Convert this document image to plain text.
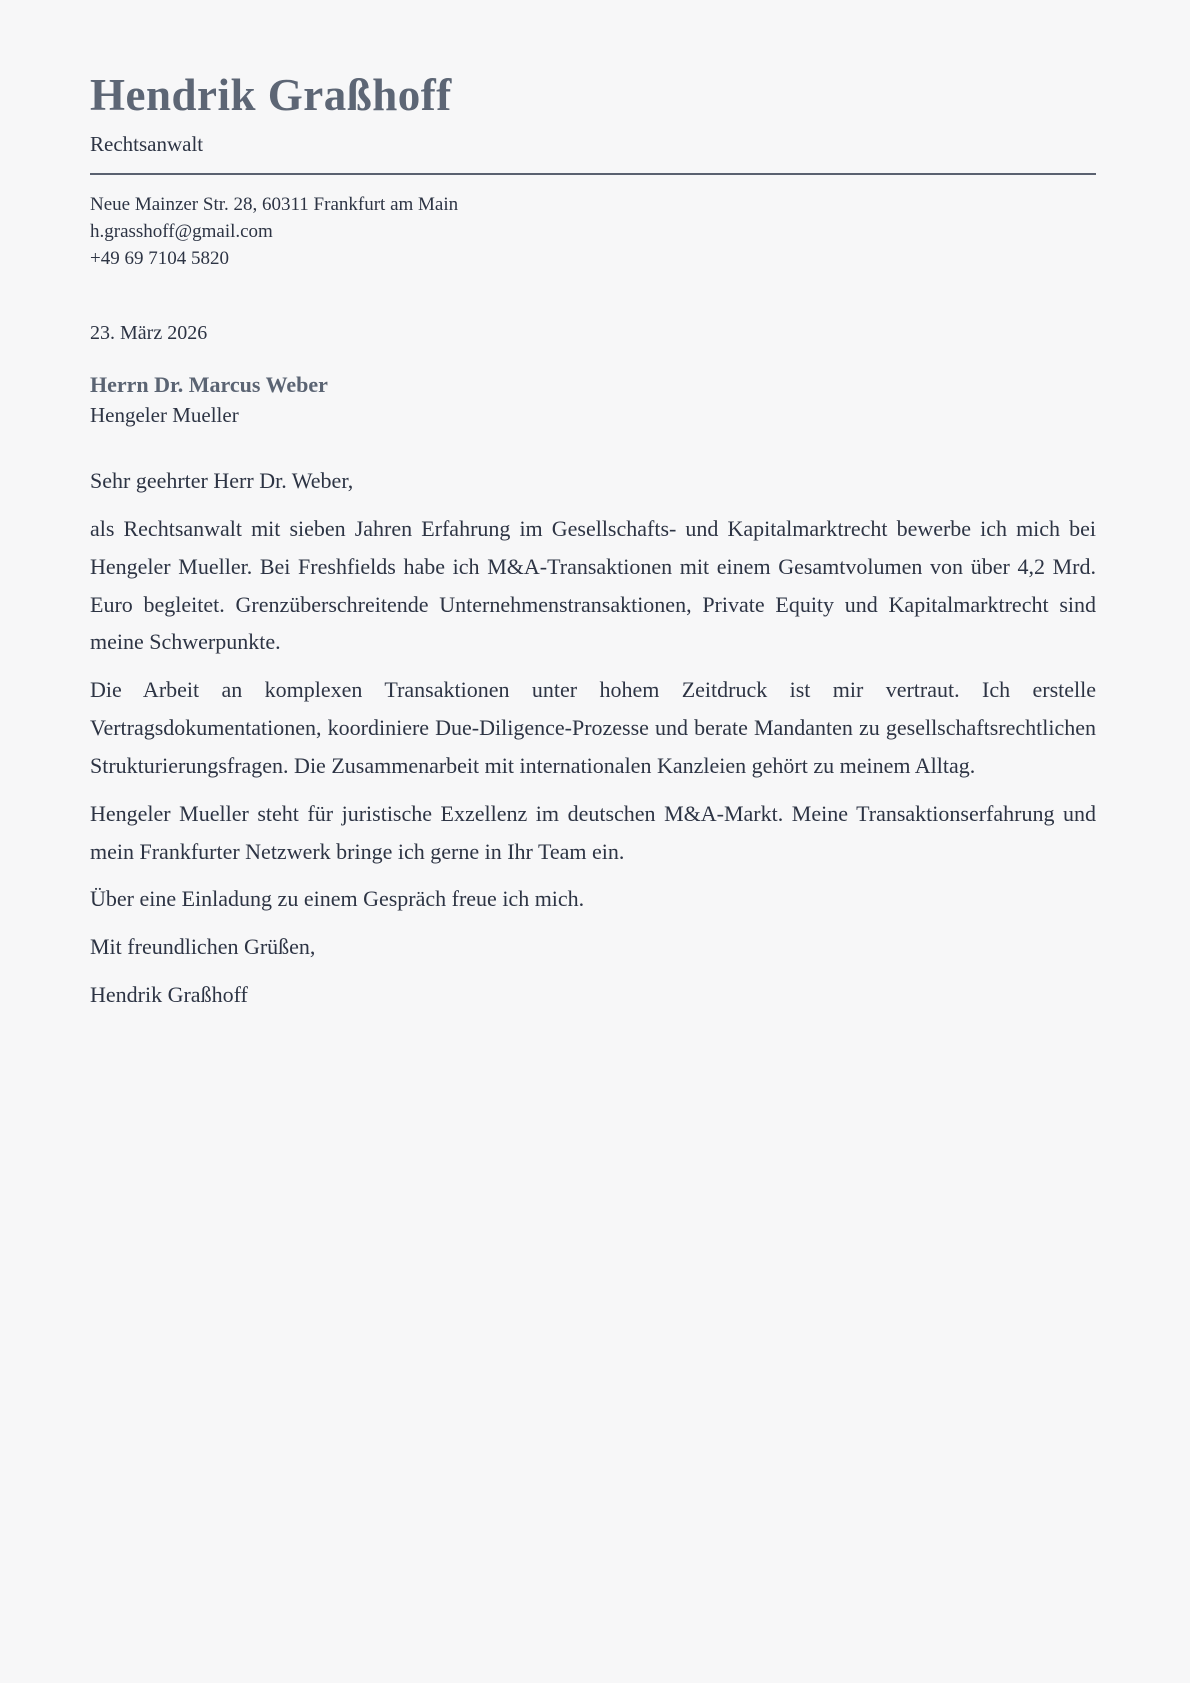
Hendrik Graßhoff
Rechtsanwalt
Neue Mainzer Str. 28, 60311 Frankfurt am Main
h.grasshoff@gmail.com
+49 69 7104 5820
23. März 2026
Herrn Dr. Marcus Weber
Hengeler Mueller

Sehr geehrter Herr Dr. Weber,

als Rechtsanwalt mit sieben Jahren Erfahrung im Gesellschafts- und Kapitalmarktrecht bewerbe ich mich bei Hengeler Mueller. Bei Freshfields habe ich M&A-Transaktionen mit einem Gesamtvolumen von über 4,2 Mrd. Euro begleitet. Grenzüberschreitende Unternehmenstransaktionen, Private Equity und Kapitalmarktrecht sind meine Schwerpunkte.

Die Arbeit an komplexen Transaktionen unter hohem Zeitdruck ist mir vertraut. Ich erstelle Vertragsdokumentationen, koordiniere Due-Diligence-Prozesse und berate Mandanten zu gesellschaftsrechtlichen Strukturierungsfragen. Die Zusammenarbeit mit internationalen Kanzleien gehört zu meinem Alltag.

Hengeler Mueller steht für juristische Exzellenz im deutschen M&A-Markt. Meine Transaktionserfahrung und mein Frankfurter Netzwerk bringe ich gerne in Ihr Team ein.

Über eine Einladung zu einem Gespräch freue ich mich.

Mit freundlichen Grüßen,

Hendrik Graßhoff
